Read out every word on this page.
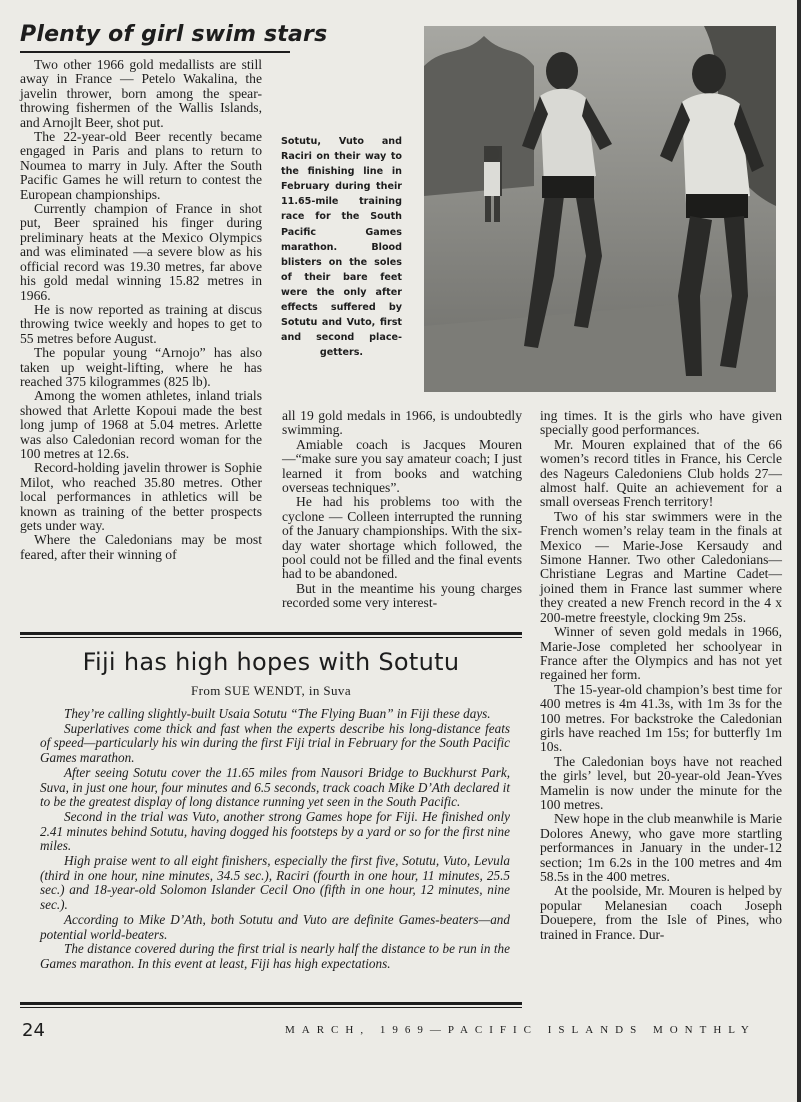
Plenty of girl swim stars

Two other 1966 gold medallists are still away in France — Petelo Wakalina, the javelin thrower, born among the spear-throwing fishermen of the Wallis Islands, and Arnojlt Beer, shot put.

The 22-year-old Beer recently became engaged in Paris and plans to return to Noumea to marry in July. After the South Pacific Games he will return to contest the European championships.

Currently champion of France in shot put, Beer sprained his finger during preliminary heats at the Mexico Olympics and was eliminated —a severe blow as his official record was 19.30 metres, far above his gold medal winning 15.82 metres in 1966.

He is now reported as training at discus throwing twice weekly and hopes to get to 55 metres before August.

The popular young “Arnojo” has also taken up weight-lifting, where he has reached 375 kilogrammes (825 lb).

Among the women athletes, inland trials showed that Arlette Kopoui made the best long jump of 1968 at 5.04 metres. Arlette was also Caledonian record woman for the 100 metres at 12.6s.

Record-holding javelin thrower is Sophie Milot, who reached 35.80 metres. Other local performances in athletics will be known as training of the better prospects gets under way.

Where the Caledonians may be most feared, after their winning of

Sotutu, Vuto and Raciri on their way to the finishing line in February during their 11.65-mile training race for the South Pacific Games marathon. Blood blisters on the soles of their bare feet were the only after effects suffered by Sotutu and Vuto, first and second place-getters.

all 19 gold medals in 1966, is undoubtedly swimming.

Amiable coach is Jacques Mouren —“make sure you say amateur coach; I just learned it from books and watching overseas techniques”.

He had his problems too with the cyclone — Colleen interrupted the running of the January championships. With the six-day water shortage which followed, the pool could not be filled and the final events had to be abandoned.

But in the meantime his young charges recorded some very interest-

ing times. It is the girls who have given specially good performances.

Mr. Mouren explained that of the 66 women’s record titles in France, his Cercle des Nageurs Caledoniens Club holds 27—almost half. Quite an achievement for a small overseas French territory!

Two of his star swimmers were in the French women’s relay team in the finals at Mexico — Marie-Jose Kersaudy and Simone Hanner. Two other Caledonians—Christiane Legras and Martine Cadet—joined them in France last summer where they created a new French record in the 4 x 200-metre freestyle, clocking 9m 25s.

Winner of seven gold medals in 1966, Marie-Jose completed her schoolyear in France after the Olympics and has not yet regained her form.

The 15-year-old champion’s best time for 400 metres is 4m 41.3s, with 1m 3s for the 100 metres. For backstroke the Caledonian girls have reached 1m 15s; for butterfly 1m 10s.

The Caledonian boys have not reached the girls’ level, but 20-year-old Jean-Yves Mamelin is now under the minute for the 100 metres.

New hope in the club meanwhile is Marie Dolores Anewy, who gave more startling performances in January in the under-12 section; 1m 6.2s in the 100 metres and 4m 58.5s in the 400 metres.

At the poolside, Mr. Mouren is helped by popular Melanesian coach Joseph Douepere, from the Isle of Pines, who trained in France. Dur-

Fiji has high hopes with Sotutu

From SUE WENDT, in Suva

They’re calling slightly-built Usaia Sotutu “The Flying Buan” in Fiji these days.

Superlatives come thick and fast when the experts describe his long-distance feats of speed—particularly his win during the first Fiji trial in February for the South Pacific Games marathon.

After seeing Sotutu cover the 11.65 miles from Nausori Bridge to Buckhurst Park, Suva, in just one hour, four minutes and 6.5 seconds, track coach Mike D’Ath declared it to be the greatest display of long distance running yet seen in the South Pacific.

Second in the trial was Vuto, another strong Games hope for Fiji. He finished only 2.41 minutes behind Sotutu, having dogged his footsteps by a yard or so for the first nine miles.

High praise went to all eight finishers, especially the first five, Sotutu, Vuto, Levula (third in one hour, nine minutes, 34.5 sec.), Raciri (fourth in one hour, 11 minutes, 25.5 sec.) and 18-year-old Solomon Islander Cecil Ono (fifth in one hour, 12 minutes, nine sec.).

According to Mike D’Ath, both Sotutu and Vuto are definite Games-beaters—and potential world-beaters.

The distance covered during the first trial is nearly half the distance to be run in the Games marathon. In this event at least, Fiji has high expectations.

24	MARCH, 1969—PACIFIC ISLANDS MONTHLY
